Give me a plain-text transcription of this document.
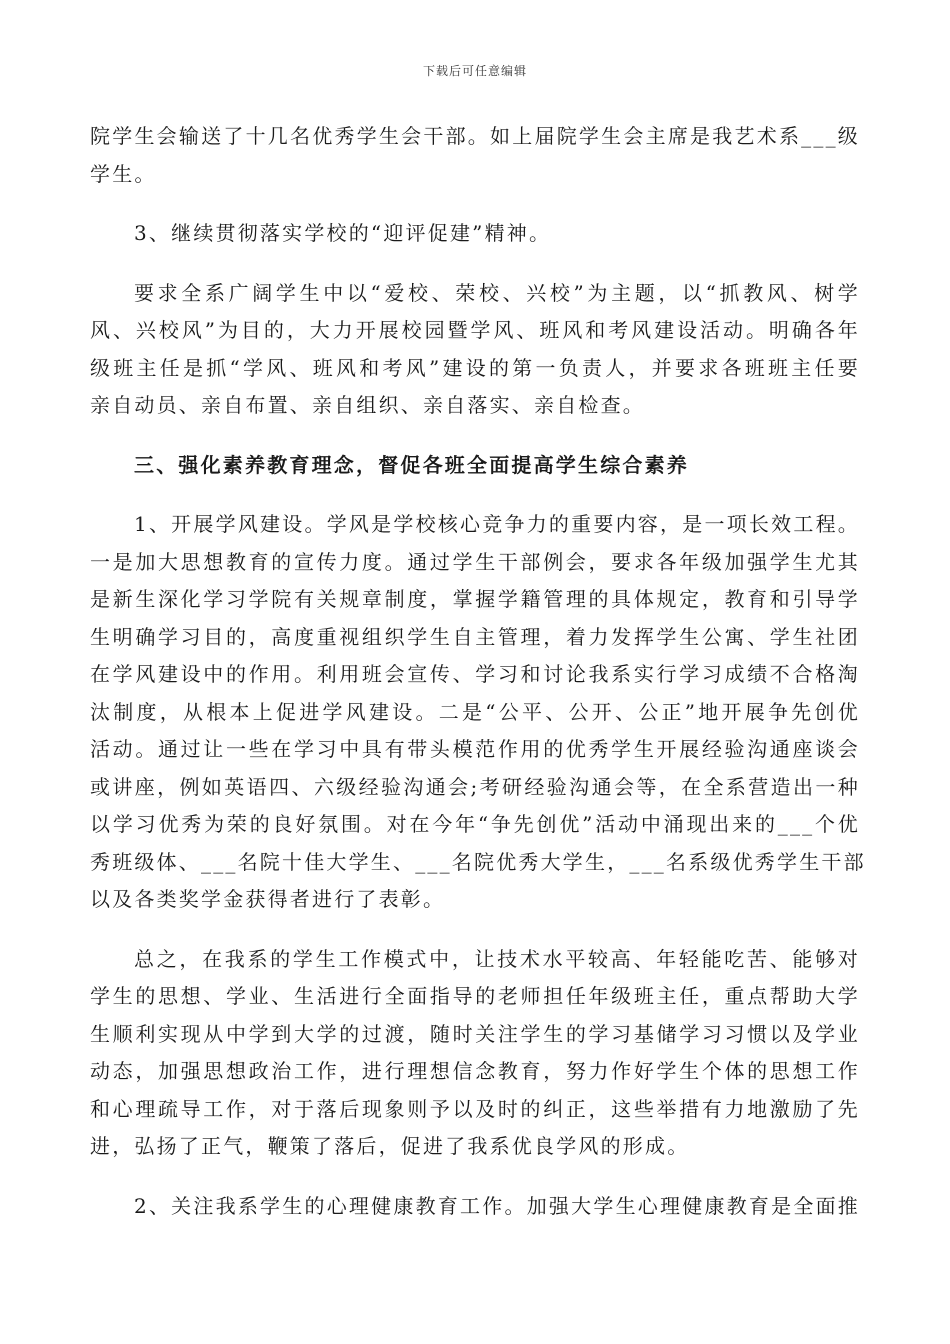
下载后可任意编辑

院学生会输送了十几名优秀学生会干部。如上届院学生会主席是我艺术系___级
学生。

3、继续贯彻落实学校的“迎评促建”精神。

要求全系广阔学生中以“爱校、荣校、兴校”为主题，以“抓教风、树学
风、兴校风”为目的，大力开展校园暨学风、班风和考风建设活动。明确各年
级班主任是抓“学风、班风和考风”建设的第一负责人，并要求各班班主任要
亲自动员、亲自布置、亲自组织、亲自落实、亲自检查。

三、强化素养教育理念，督促各班全面提高学生综合素养

1、开展学风建设。学风是学校核心竞争力的重要内容，是一项长效工程。
一是加大思想教育的宣传力度。通过学生干部例会，要求各年级加强学生尤其
是新生深化学习学院有关规章制度，掌握学籍管理的具体规定，教育和引导学
生明确学习目的，高度重视组织学生自主管理，着力发挥学生公寓、学生社团
在学风建设中的作用。利用班会宣传、学习和讨论我系实行学习成绩不合格淘
汰制度，从根本上促进学风建设。二是“公平、公开、公正”地开展争先创优
活动。通过让一些在学习中具有带头模范作用的优秀学生开展经验沟通座谈会
或讲座，例如英语四、六级经验沟通会;考研经验沟通会等，在全系营造出一种
以学习优秀为荣的良好氛围。对在今年“争先创优”活动中涌现出来的___个优
秀班级体、___名院十佳大学生、___名院优秀大学生，___名系级优秀学生干部
以及各类奖学金获得者进行了表彰。

总之，在我系的学生工作模式中，让技术水平较高、年轻能吃苦、能够对
学生的思想、学业、生活进行全面指导的老师担任年级班主任，重点帮助大学
生顺利实现从中学到大学的过渡，随时关注学生的学习基储学习习惯以及学业
动态，加强思想政治工作，进行理想信念教育，努力作好学生个体的思想工作
和心理疏导工作，对于落后现象则予以及时的纠正，这些举措有力地激励了先
进，弘扬了正气，鞭策了落后，促进了我系优良学风的形成。

2、关注我系学生的心理健康教育工作。加强大学生心理健康教育是全面推
